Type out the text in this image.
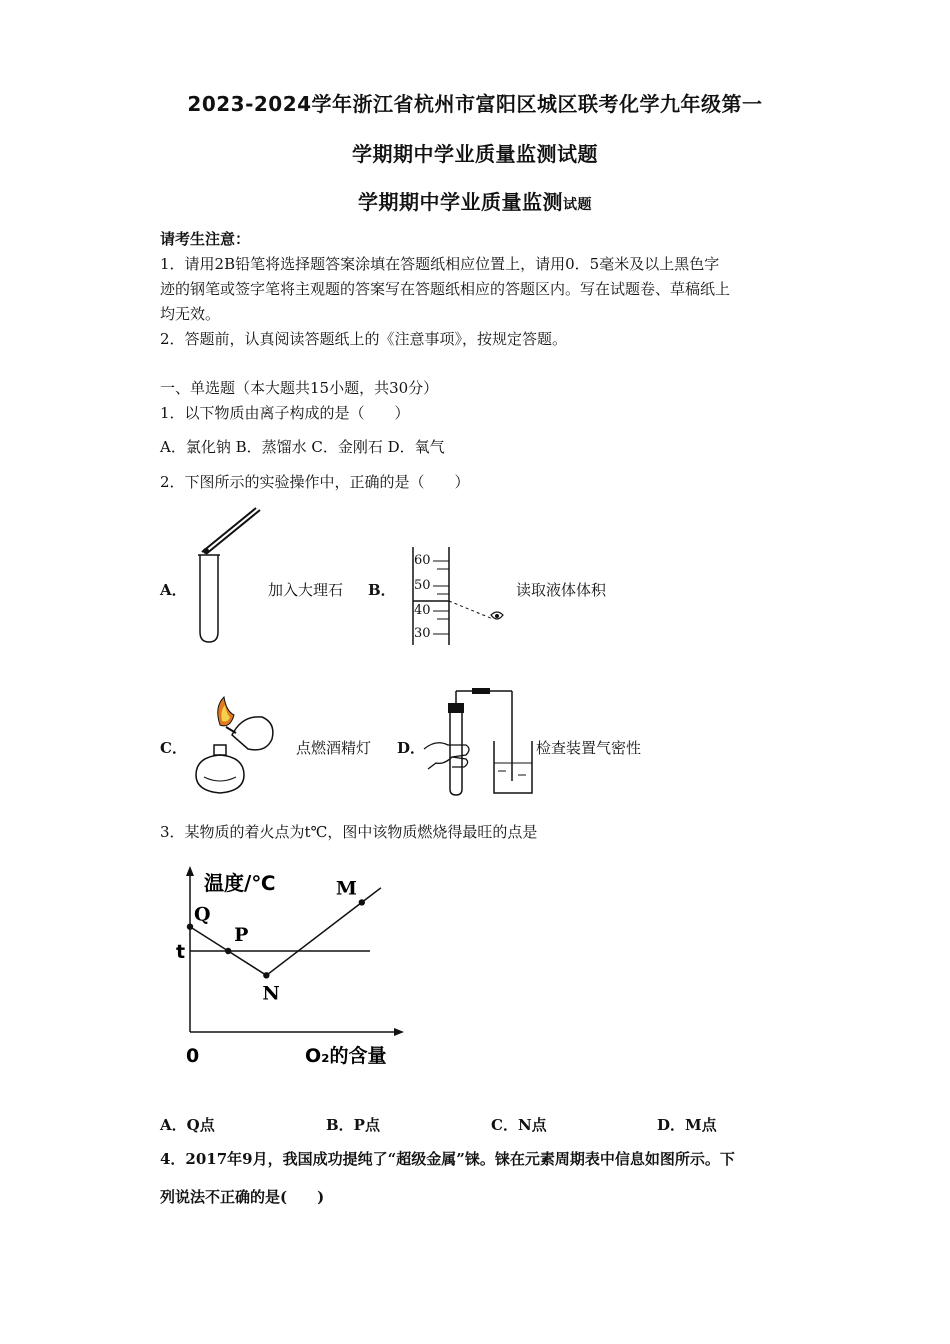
2023-2024学年浙江省杭州市富阳区城区联考化学九年级第一
学期期中学业质量监测试题
学期期中学业质量监测试题
请考生注意：
1．请用2B铅笔将选择题答案涂填在答题纸相应位置上，请用0．5毫米及以上黑色字
迹的钢笔或签字笔将主观题的答案写在答题纸相应的答题区内。写在试题卷、草稿纸上
均无效。
2．答题前，认真阅读答题纸上的《注意事项》，按规定答题。
一、单选题（本大题共15小题，共30分）
1．以下物质由离子构成的是（　　）
A．氯化钠 B．蒸馏水 C．金刚石 D．氧气
2．下图所示的实验操作中，正确的是（　　）
A．	加入大理石 B．
60
50
40
30
读取液体体积
C．	点燃酒精灯 D．	检查装置气密性
3．某物质的着火点为t℃，图中该物质燃烧得最旺的点是
温度/℃
O₂的含量
0
t
Q
P
N
M
A．Q点	B．P点	C．N点	D．M点
4．2017年9月，我国成功提纯了“超级金属”铼。铼在元素周期表中信息如图所示。下
列说法不正确的是(　　)
